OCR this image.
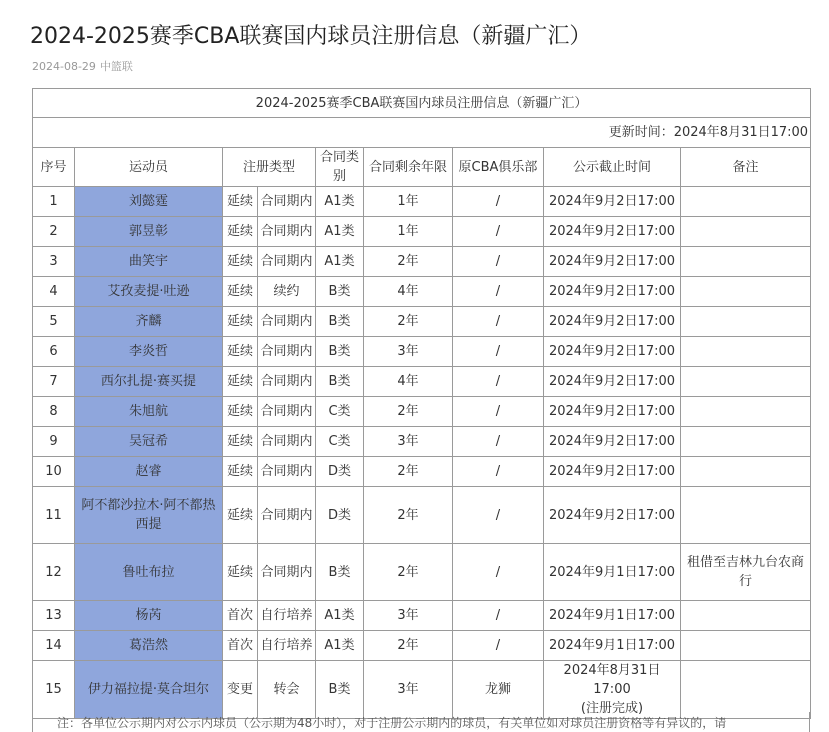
2024-2025赛季CBA联赛国内球员注册信息（新疆广汇）
2024-08-29 中篮联
2024-2025赛季CBA联赛国内球员注册信息（新疆广汇）								
更新时间：2024年8月31日17:00								
序号	运动员	注册类型		合同类别	合同剩余年限	原CBA俱乐部	公示截止时间	备注
1	刘懿霆	延续	合同期内	A1类	1年	/	2024年9月2日17:00	

2	郭昱彰	延续	合同期内	A1类	1年	/	2024年9月2日17:00	

3	曲笑宇	延续	合同期内	A1类	2年	/	2024年9月2日17:00	

4	艾孜麦提·吐逊	延续	续约	B类	4年	/	2024年9月2日17:00	

5	齐麟	延续	合同期内	B类	2年	/	2024年9月2日17:00	

6	李炎哲	延续	合同期内	B类	3年	/	2024年9月2日17:00	

7	西尔扎提·赛买提	延续	合同期内	B类	4年	/	2024年9月2日17:00	

8	朱旭航	延续	合同期内	C类	2年	/	2024年9月2日17:00	

9	吴冠希	延续	合同期内	C类	3年	/	2024年9月2日17:00	

10	赵睿	延续	合同期内	D类	2年	/	2024年9月2日17:00	

11	阿不都沙拉木·阿不都热西提	延续	合同期内	D类	2年	/	2024年9月2日17:00	

12	鲁吐布拉	延续	合同期内	B类	2年	/	2024年9月1日17:00	租借至吉林九台农商行
13	杨芮	首次	自行培养	A1类	3年	/	2024年9月1日17:00	

14	葛浩然	首次	自行培养	A1类	2年	/	2024年9月1日17:00	

15	伊力福拉提·莫合坦尔	变更	转会	B类	3年	龙狮	2024年8月31日17:00
(注册完成)	

注：各单位公示期内对公示内球员（公示期为48小时），对于注册公示期内的球员，有关单位如对球员注册资格等有异议的，请
